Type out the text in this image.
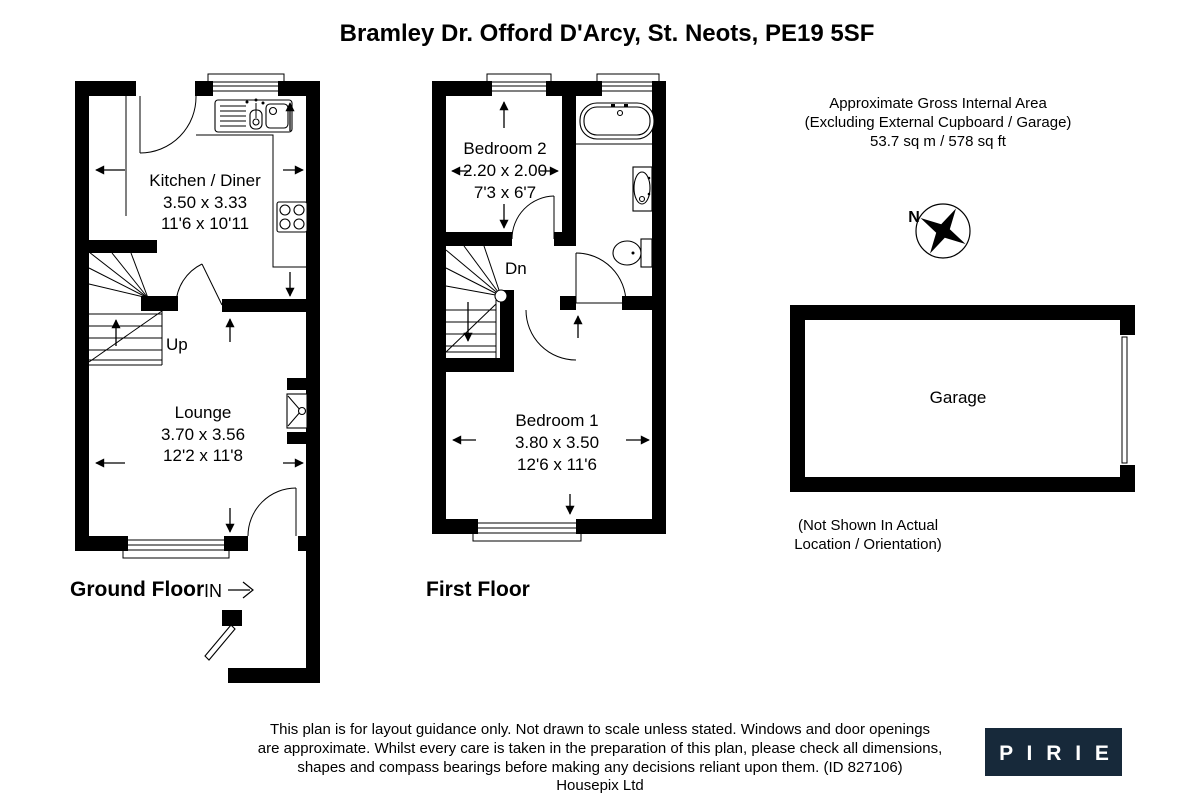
Bramley Dr. Offord D'Arcy, St. Neots, PE19 5SF
Up
Kitchen / Diner
3.50 x 3.33
11'6 x 10'11
Lounge
3.70 x 3.56
12'2 x 11'8
Ground Floor IN
Dn
Bedroom 2
2.20 x 2.00
7'3 x 6'7
Bedroom 1
3.80 x 3.50
12'6 x 11'6
First Floor
Approximate Gross Internal Area
(Excluding External Cupboard / Garage)
53.7 sq m / 578 sq ft
N
Garage
(Not Shown In Actual
Location / Orientation)
This plan is for layout guidance only. Not drawn to scale unless stated. Windows and door openings
are approximate. Whilst every care is taken in the preparation of this plan, please check all dimensions,
shapes and compass bearings before making any decisions reliant upon them. (ID 827106)
Housepix Ltd
P I R I E
